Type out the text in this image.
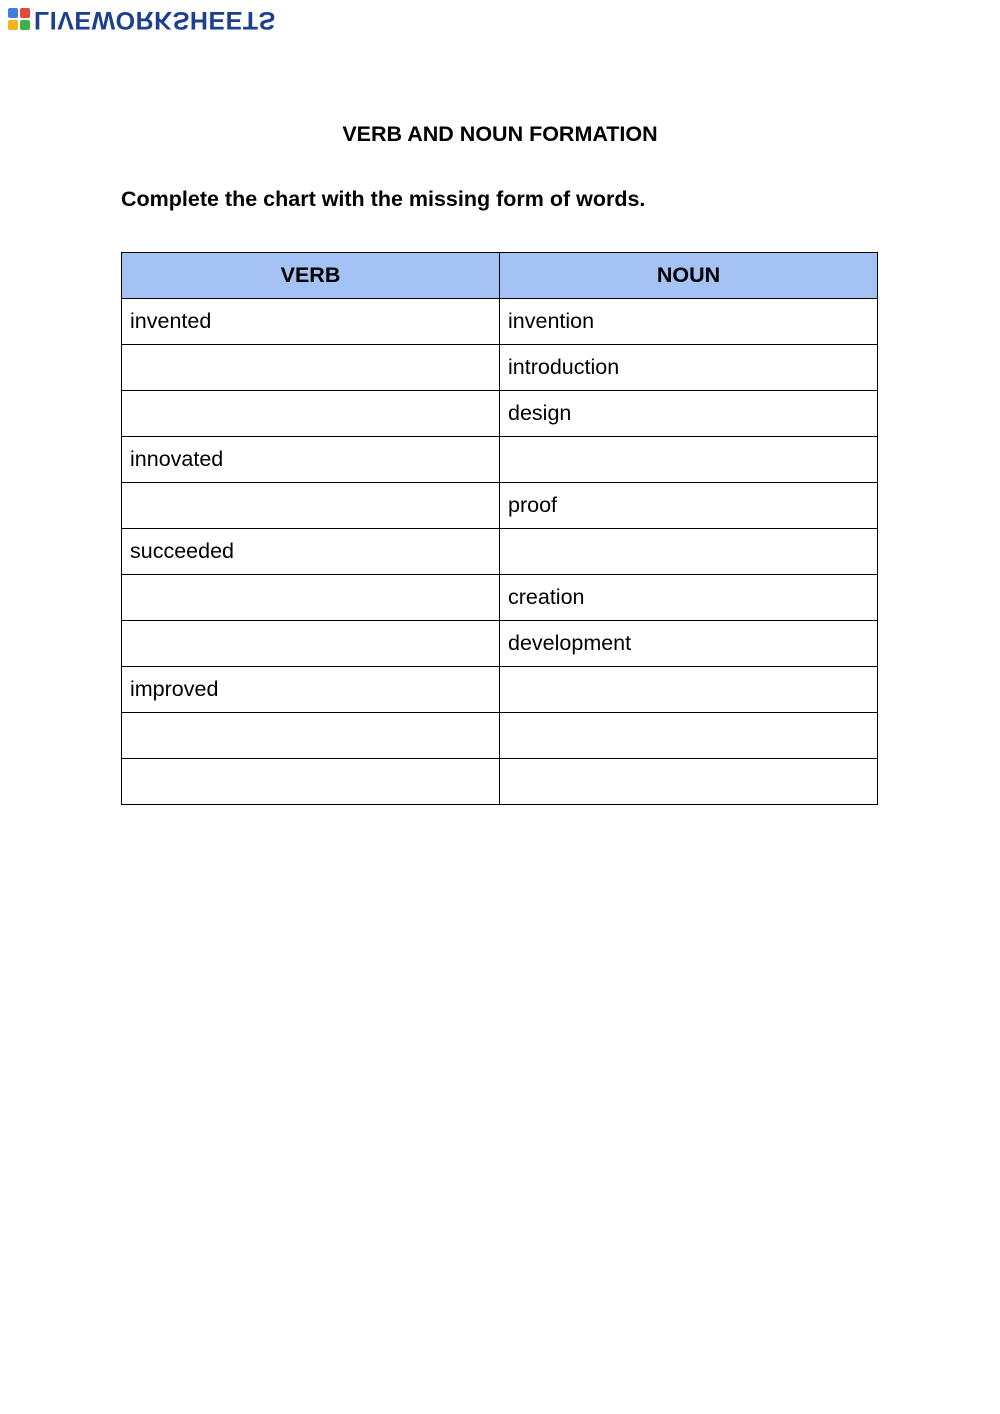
LIVEWORKSHEETS
VERB AND NOUN FORMATION
Complete the chart with the missing form of words.
VERB	NOUN
invented	invention
	introduction
	design
innovated	
	proof
succeeded	
	creation
	development
improved	
